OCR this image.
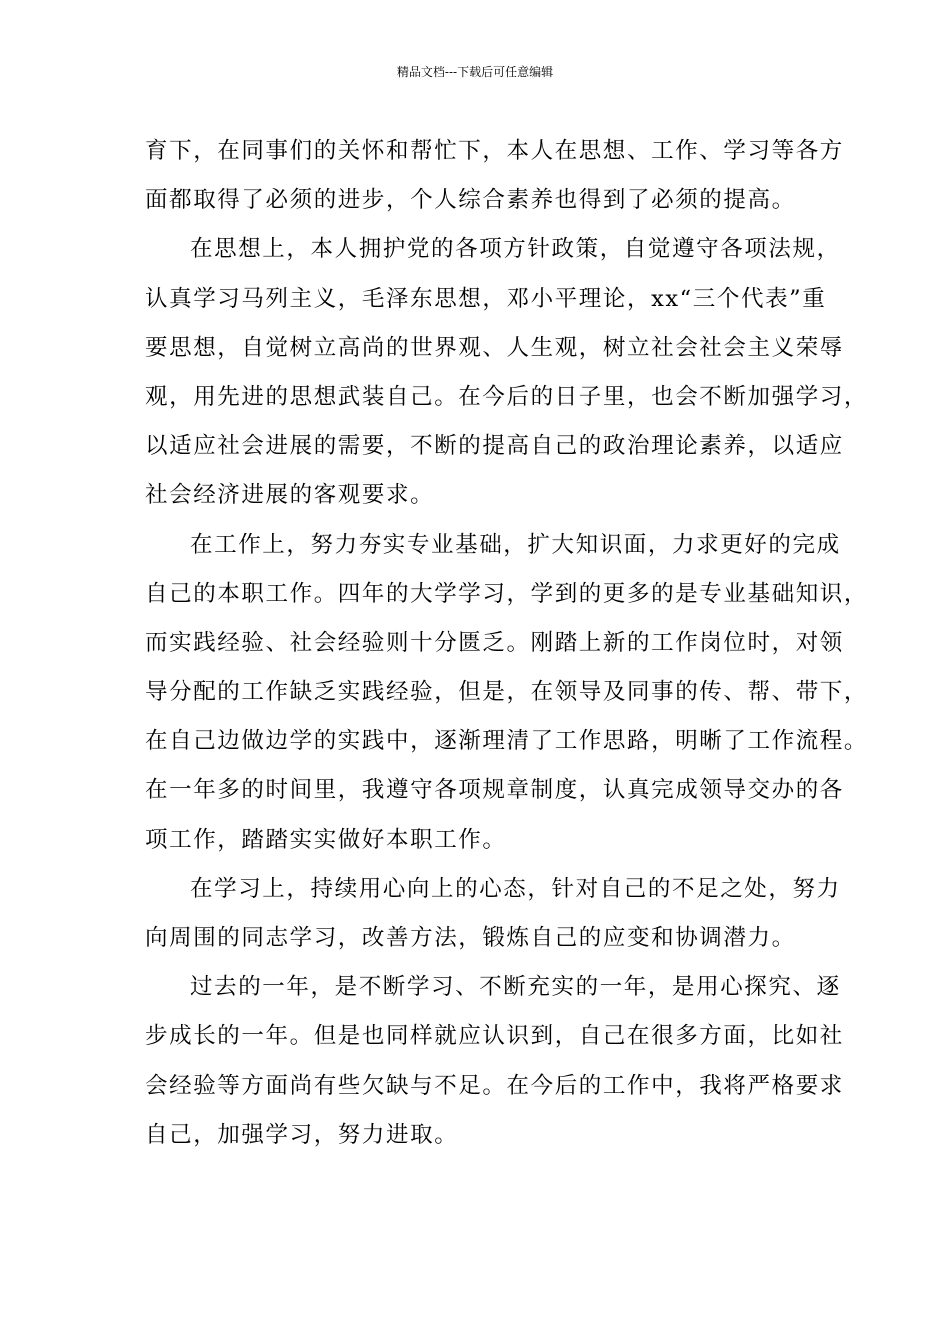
精品文档---下载后可任意编辑
育下，在同事们的关怀和帮忙下，本人在思想、工作、学习等各方
面都取得了必须的进步，个人综合素养也得到了必须的提高。
在思想上，本人拥护党的各项方针政策，自觉遵守各项法规，
认真学习马列主义，毛泽东思想，邓小平理论，xx“三个代表”重
要思想，自觉树立高尚的世界观、人生观，树立社会社会主义荣辱
观，用先进的思想武装自己。在今后的日子里，也会不断加强学习，
以适应社会进展的需要，不断的提高自己的政治理论素养，以适应
社会经济进展的客观要求。
在工作上，努力夯实专业基础，扩大知识面，力求更好的完成
自己的本职工作。四年的大学学习，学到的更多的是专业基础知识，
而实践经验、社会经验则十分匮乏。刚踏上新的工作岗位时，对领
导分配的工作缺乏实践经验，但是，在领导及同事的传、帮、带下，
在自己边做边学的实践中，逐渐理清了工作思路，明晰了工作流程。
在一年多的时间里，我遵守各项规章制度，认真完成领导交办的各
项工作，踏踏实实做好本职工作。
在学习上，持续用心向上的心态，针对自己的不足之处，努力
向周围的同志学习，改善方法，锻炼自己的应变和协调潜力。
过去的一年，是不断学习、不断充实的一年，是用心探究、逐
步成长的一年。但是也同样就应认识到，自己在很多方面，比如社
会经验等方面尚有些欠缺与不足。在今后的工作中，我将严格要求
自己，加强学习，努力进取。
